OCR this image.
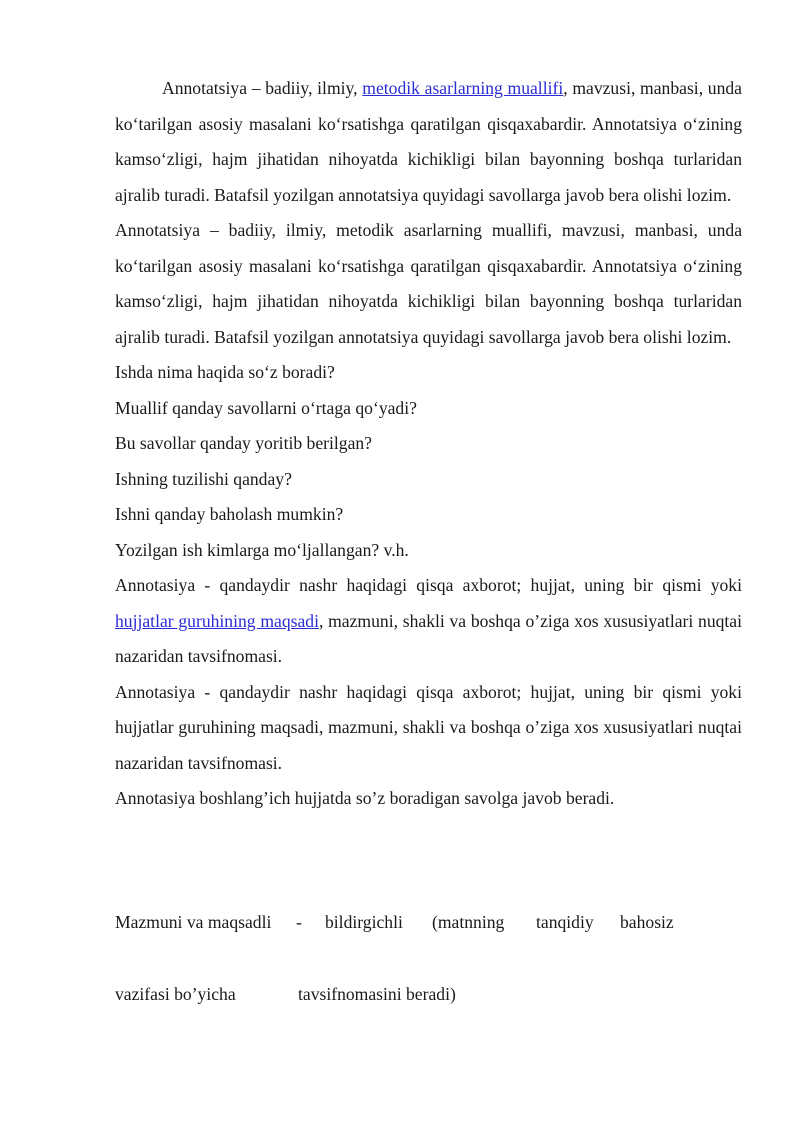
Annotatsiya – badiiy, ilmiy, metodik asarlarning muallifi, mavzusi, manbasi, unda ko‘tarilgan asosiy masalani ko‘rsatishga qaratilgan qisqaxabardir. Annotatsiya o‘zining kamso‘zligi, hajm jihatidan nihoyatda kichikligi bilan bayonning boshqa turlaridan ajralib turadi. Batafsil yozilgan annotatsiya quyidagi savollarga javob bera olishi lozim.

Annotatsiya – badiiy, ilmiy, metodik asarlarning muallifi, mavzusi, manbasi, unda ko‘tarilgan asosiy masalani ko‘rsatishga qaratilgan qisqaxabardir. Annotatsiya o‘zining kamso‘zligi, hajm jihatidan nihoyatda kichikligi bilan bayonning boshqa turlaridan ajralib turadi. Batafsil yozilgan annotatsiya quyidagi savollarga javob bera olishi lozim.

Ishda nima haqida so‘z boradi?

Muallif qanday savollarni o‘rtaga qo‘yadi?

Bu savollar qanday yoritib berilgan?

Ishning tuzilishi qanday?

Ishni qanday baholash mumkin?

Yozilgan ish kimlarga mo‘ljallangan? v.h.

Annotasiya - qandaydir nashr haqidagi qisqa axborot; hujjat, uning bir qismi yoki hujjatlar guruhining maqsadi, mazmuni, shakli va boshqa o’ziga xos xususiyatlari nuqtai nazaridan tavsifnomasi.

Annotasiya - qandaydir nashr haqidagi qisqa axborot; hujjat, uning bir qismi yoki hujjatlar guruhining maqsadi, mazmuni, shakli va boshqa o’ziga xos xususiyatlari nuqtai nazaridan tavsifnomasi.

Annotasiya boshlang’ich hujjatda so’z boradigan savolga javob beradi.

Mazmuni va maqsadli - bildirgichli (matnning tanqidiy bahosiz
vazifasi bo’yicha	tavsifnomasini beradi)
